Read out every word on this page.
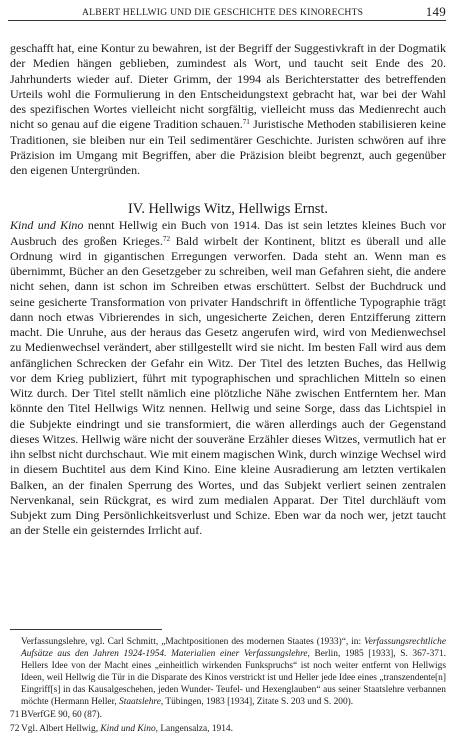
ALBERT HELLWIG UND DIE GESCHICHTE DES KINORECHTS	149

geschafft hat, eine Kontur zu bewahren, ist der Begriff der Suggestivkraft in der Dogmatik der Medien hängen geblieben, zumindest als Wort, und taucht seit Ende des 20. Jahrhunderts wieder auf. Dieter Grimm, der 1994 als Berichterstatter des betreffenden Urteils wohl die Formulierung in den Entscheidungstext gebracht hat, war bei der Wahl des spezifischen Wortes vielleicht nicht sorgfältig, vielleicht muss das Medienrecht auch nicht so genau auf die eigene Tradition schauen.$^{71}$ Juristische Methoden stabilisieren keine Traditionen, sie bleiben nur ein Teil sedimentärer Geschichte. Juristen schwören auf ihre Präzision im Umgang mit Begriffen, aber die Präzision bleibt begrenzt, auch gegenüber den eigenen Untergründen.

IV. Hellwigs Witz, Hellwigs Ernst.

Kind und Kino nennt Hellwig ein Buch von 1914. Das ist sein letztes kleines Buch vor Ausbruch des großen Krieges.$^{72}$ Bald wirbelt der Kontinent, blitzt es überall und alle Ordnung wird in gigantischen Erregungen verworfen. Dada steht an. Wenn man es übernimmt, Bücher an den Gesetzgeber zu schreiben, weil man Gefahren sieht, die andere nicht sehen, dann ist schon im Schreiben etwas erschüttert. Selbst der Buchdruck und seine gesicherte Transformation von privater Handschrift in öffentliche Typographie trägt dann noch etwas Vibrierendes in sich, ungesicherte Zeichen, deren Entzifferung zittern macht. Die Unruhe, aus der heraus das Gesetz angerufen wird, wird von Medienwechsel zu Medienwechsel verändert, aber stillgestellt wird sie nicht. Im besten Fall wird aus dem anfänglichen Schrecken der Gefahr ein Witz. Der Titel des letzten Buches, das Hellwig vor dem Krieg publiziert, führt mit typographischen und sprachlichen Mitteln so einen Witz durch. Der Titel stellt nämlich eine plötzliche Nähe zwischen Entferntem her. Man könnte den Titel Hellwigs Witz nennen. Hellwig und seine Sorge, dass das Lichtspiel in die Subjekte eindringt und sie transformiert, die wären allerdings auch der Gegenstand dieses Witzes. Hellwig wäre nicht der souveräne Erzähler dieses Witzes, vermutlich hat er ihn selbst nicht durchschaut. Wie mit einem magischen Wink, durch winzige Wechsel wird in diesem Buchtitel aus dem Kind Kino. Eine kleine Ausradierung am letzten vertikalen Balken, an der finalen Sperrung des Wortes, und das Subjekt verliert seinen zentralen Nervenkanal, sein Rückgrat, es wird zum medialen Apparat. Der Titel durchläuft vom Subjekt zum Ding Persönlichkeitsverlust und Schize. Eben war da noch wer, jetzt taucht an der Stelle ein geisterndes Irrlicht auf.

Verfassungslehre, vgl. Carl Schmitt, „Machtpositionen des modernen Staates (1933)“, in: Verfassungsrechtliche Aufsätze aus den Jahren 1924-1954. Materialien einer Verfassungslehre, Berlin, 1985 [1933], S. 367-371. Hellers Idee von der Macht eines „einheitlich wirkenden Funkspruchs“ ist noch weiter entfernt von Hellwigs Ideen, weil Hellwig die Tür in die Disparate des Kinos verstrickt ist und Heller jede Idee eines „transzendente[n] Eingriff[s] in das Kausalgeschehen, jeden Wunder- Teufel- und Hexenglauben“ aus seiner Staatslehre verbannen möchte (Hermann Heller, Staatslehre, Tübingen, 1983 [1934], Zitate S. 203 und S. 200).
71 BVerfGE 90, 60 (87).
72 Vgl. Albert Hellwig, Kind und Kino, Langensalza, 1914.
